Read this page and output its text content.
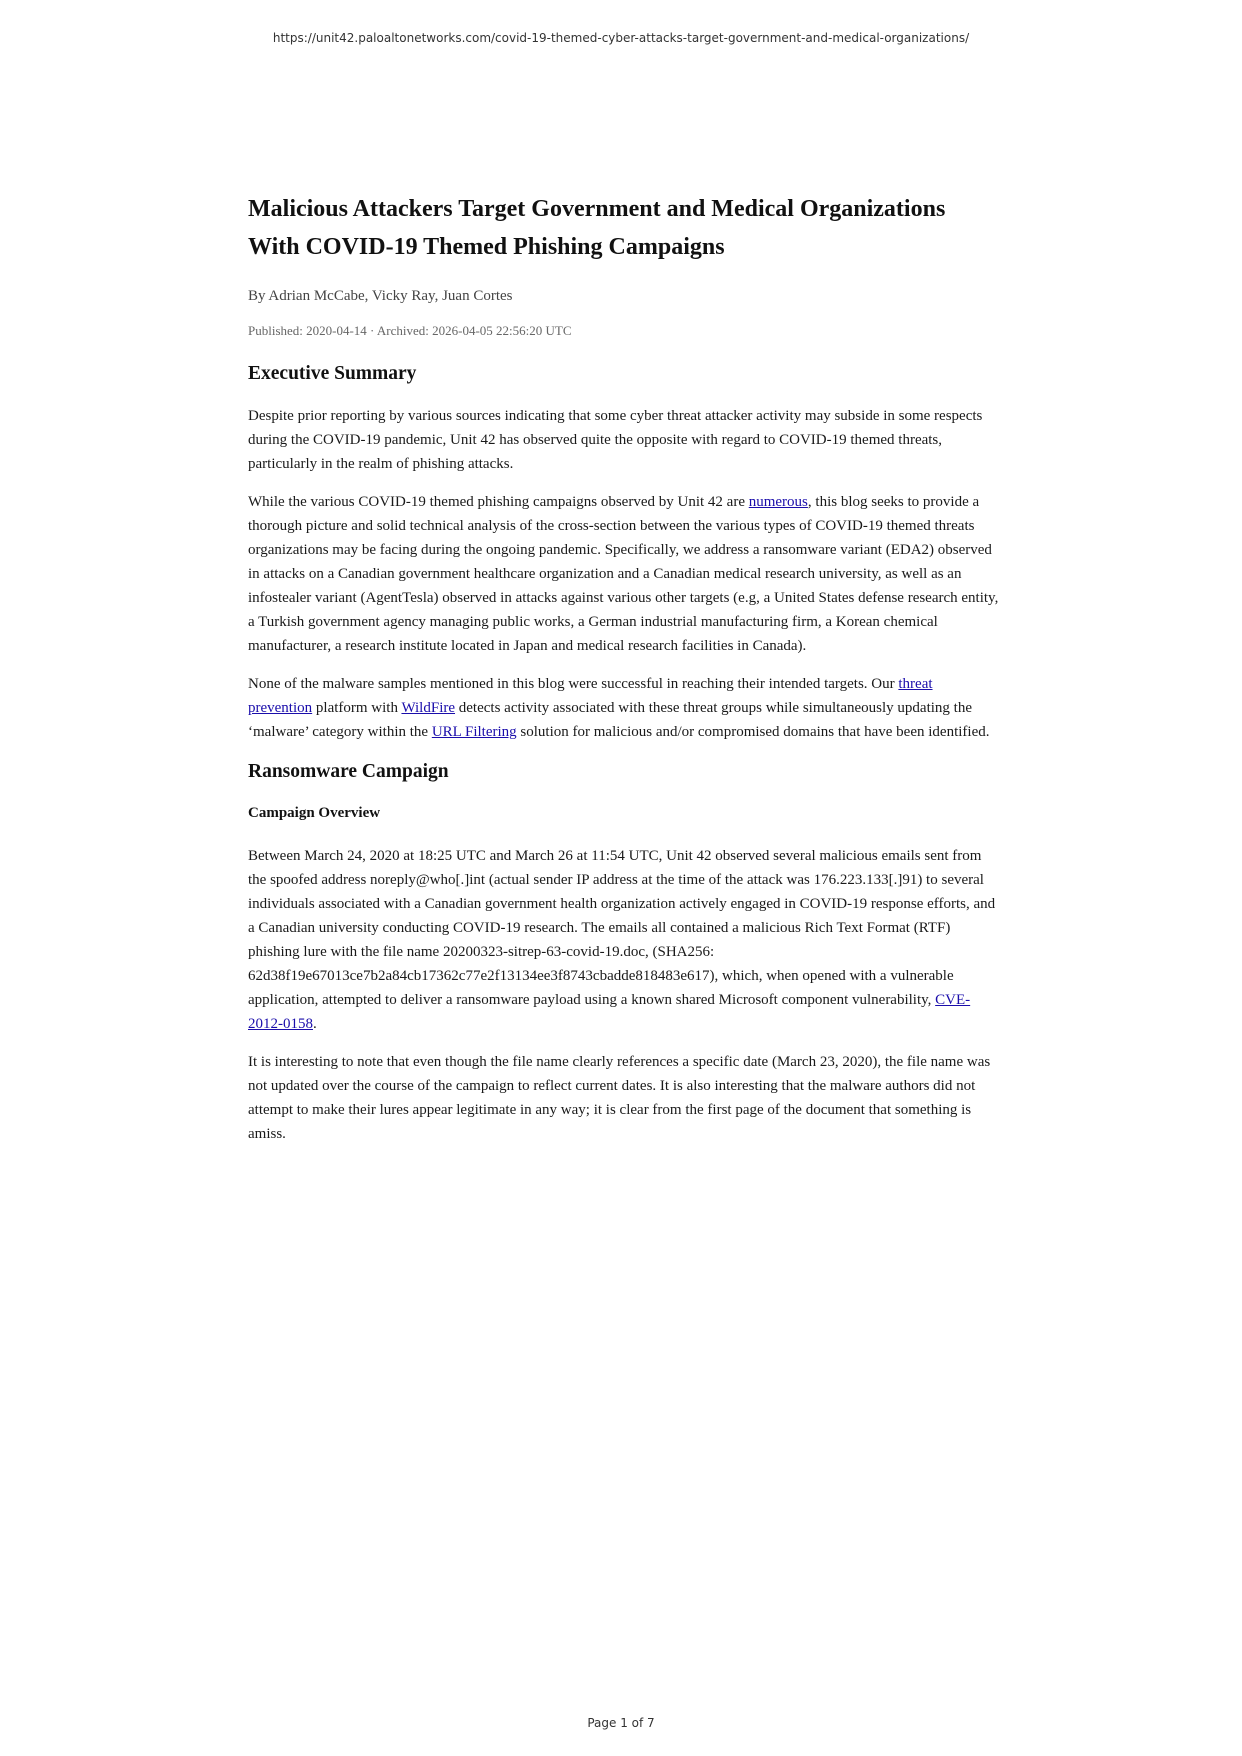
https://unit42.paloaltonetworks.com/covid-19-themed-cyber-attacks-target-government-and-medical-organizations/
Malicious Attackers Target Government and Medical Organizations
With COVID-19 Themed Phishing Campaigns
By Adrian McCabe, Vicky Ray, Juan Cortes
Published: 2020-04-14 · Archived: 2026-04-05 22:56:20 UTC
Executive Summary

Despite prior reporting by various sources indicating that some cyber threat attacker activity may subside in some respects during the COVID-19 pandemic, Unit 42 has observed quite the opposite with regard to COVID-19 themed threats, particularly in the realm of phishing attacks.

While the various COVID-19 themed phishing campaigns observed by Unit 42 are numerous, this blog seeks to provide a thorough picture and solid technical analysis of the cross-section between the various types of COVID-19 themed threats organizations may be facing during the ongoing pandemic. Specifically, we address a ransomware variant (EDA2) observed in attacks on a Canadian government healthcare organization and a Canadian medical research university, as well as an infostealer variant (AgentTesla) observed in attacks against various other targets (e.g, a United States defense research entity, a Turkish government agency managing public works, a German industrial manufacturing firm, a Korean chemical manufacturer, a research institute located in Japan and medical research facilities in Canada).

None of the malware samples mentioned in this blog were successful in reaching their intended targets. Our threat prevention platform with WildFire detects activity associated with these threat groups while simultaneously updating the ‘malware’ category within the URL Filtering solution for malicious and/or compromised domains that have been identified.

Ransomware Campaign
Campaign Overview

Between March 24, 2020 at 18:25 UTC and March 26 at 11:54 UTC, Unit 42 observed several malicious emails sent from the spoofed address noreply@who[.]int (actual sender IP address at the time of the attack was 176.223.133[.]91) to several individuals associated with a Canadian government health organization actively engaged in COVID-19 response efforts, and a Canadian university conducting COVID-19 research. The emails all contained a malicious Rich Text Format (RTF) phishing lure with the file name 20200323-sitrep-63-covid-19.doc, (SHA256: 62d38f19e67013ce7b2a84cb17362c77e2f13134ee3f8743cbadde818483e617), which, when opened with a vulnerable application, attempted to deliver a ransomware payload using a known shared Microsoft component vulnerability, CVE-2012-0158.

It is interesting to note that even though the file name clearly references a specific date (March 23, 2020), the file name was not updated over the course of the campaign to reflect current dates. It is also interesting that the malware authors did not attempt to make their lures appear legitimate in any way; it is clear from the first page of the document that something is amiss.

Page 1 of 7
